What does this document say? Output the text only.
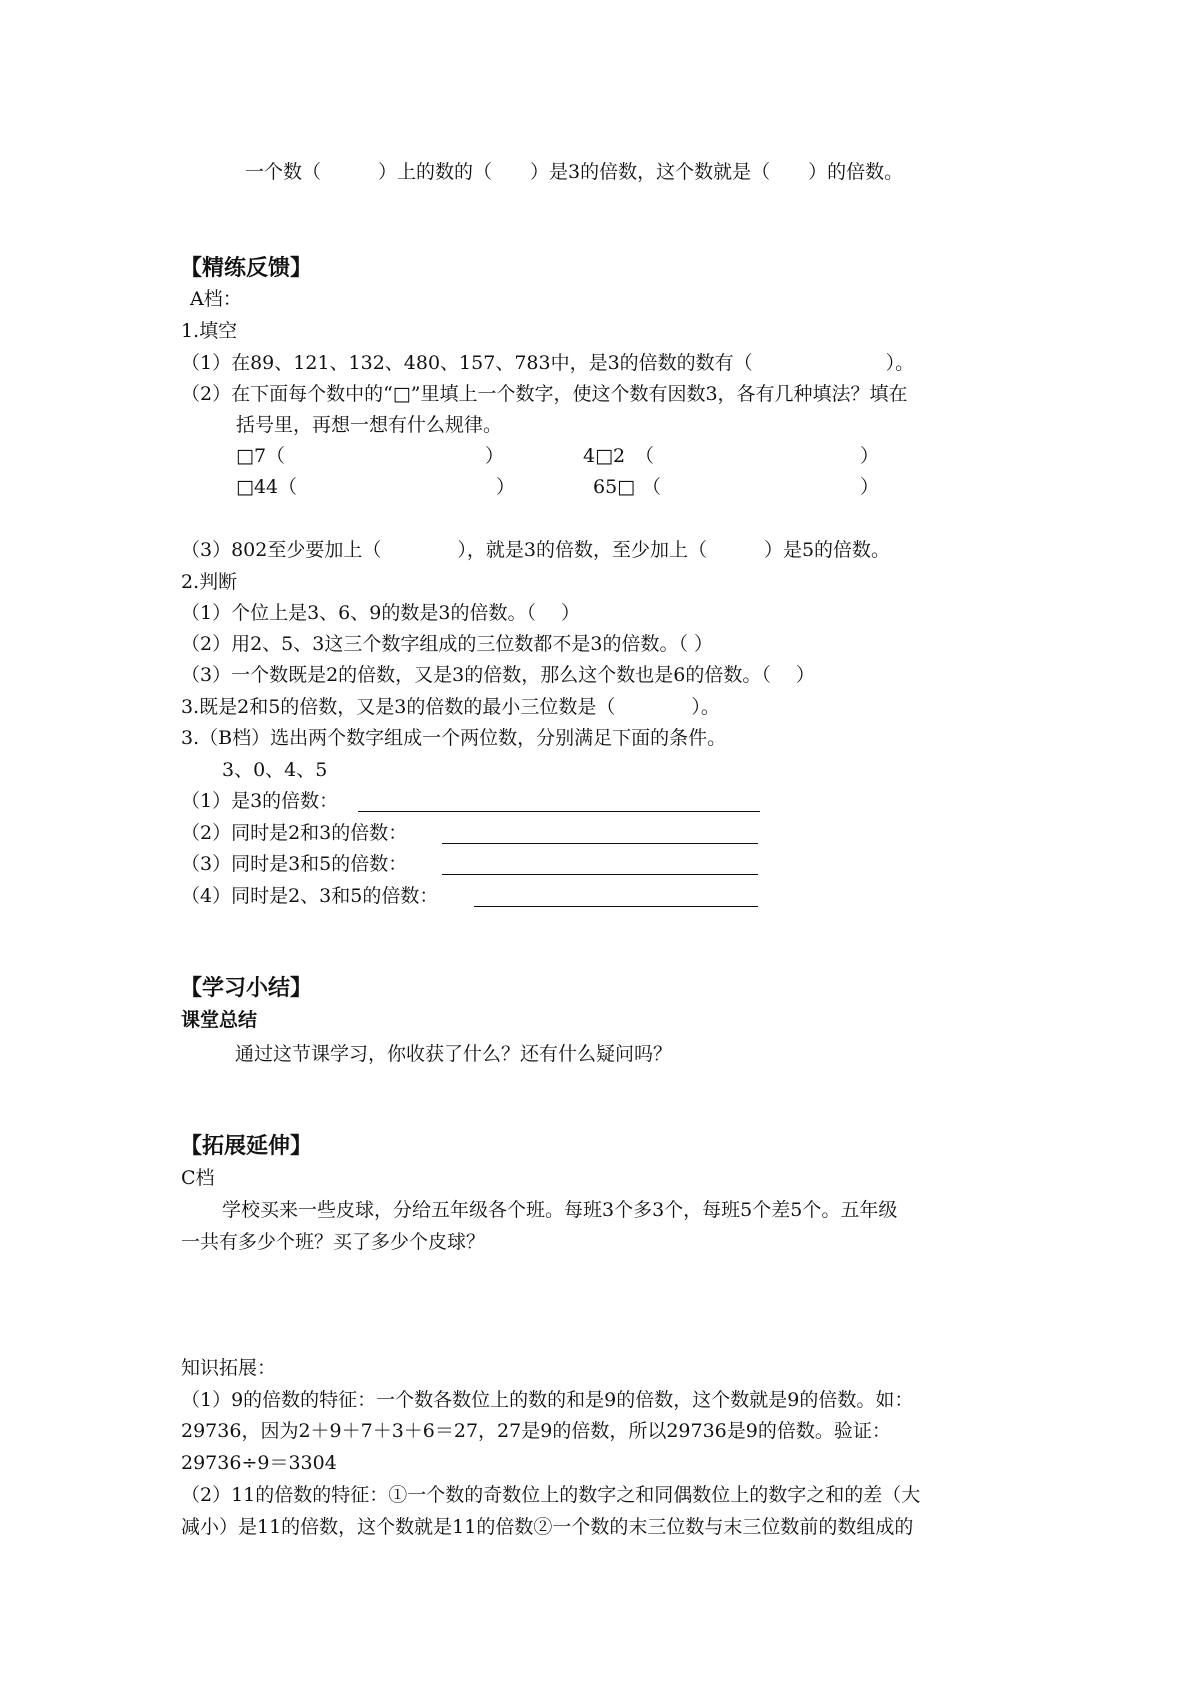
一个数（　　　）上的数的（　　）是3的倍数，这个数就是（　　）的倍数。
【精练反馈】
A档：
1.填空
（1）在89、121、132、480、157、783中，是3的倍数的数有（　　　　　　　）。
（2）在下面每个数中的“□”里填上一个数字，使这个数有因数3，各有几种填法？填在
括号里，再想一想有什么规律。
□7 （	）	4□2 （	）
□44 （	）	65□ （	）
（3）802至少要加上（　　　　），就是3的倍数，至少加上（　　　）是5的倍数。
2.判断
（1）个位上是3、6、9的数是3的倍数。（　 ）
（2）用2、5、3这三个数字组成的三位数都不是3的倍数。（ ）
（3）一个数既是2的倍数，又是3的倍数，那么这个数也是6的倍数。（　 ）
3.既是2和5的倍数，又是3的倍数的最小三位数是（　　　　）。
3.（B档）选出两个数字组成一个两位数，分别满足下面的条件。
3、0、4、5
（1）是3的倍数：
（2）同时是2和3的倍数：
（3）同时是3和5的倍数：
（4）同时是2、3和5的倍数：
【学习小结】
课堂总结
通过这节课学习，你收获了什么？还有什么疑问吗？
【拓展延伸】
C档
学校买来一些皮球，分给五年级各个班。每班3个多3个，每班5个差5个。五年级
一共有多少个班？买了多少个皮球？
知识拓展：
（1）9的倍数的特征：一个数各数位上的数的和是9的倍数，这个数就是9的倍数。如：
29736，因为2＋9＋7＋3＋6＝27，27是9的倍数，所以29736是9的倍数。验证：
29736÷9＝3304
（2）11的倍数的特征：①一个数的奇数位上的数字之和同偶数位上的数字之和的差（大
减小）是11的倍数，这个数就是11的倍数②一个数的末三位数与末三位数前的数组成的
